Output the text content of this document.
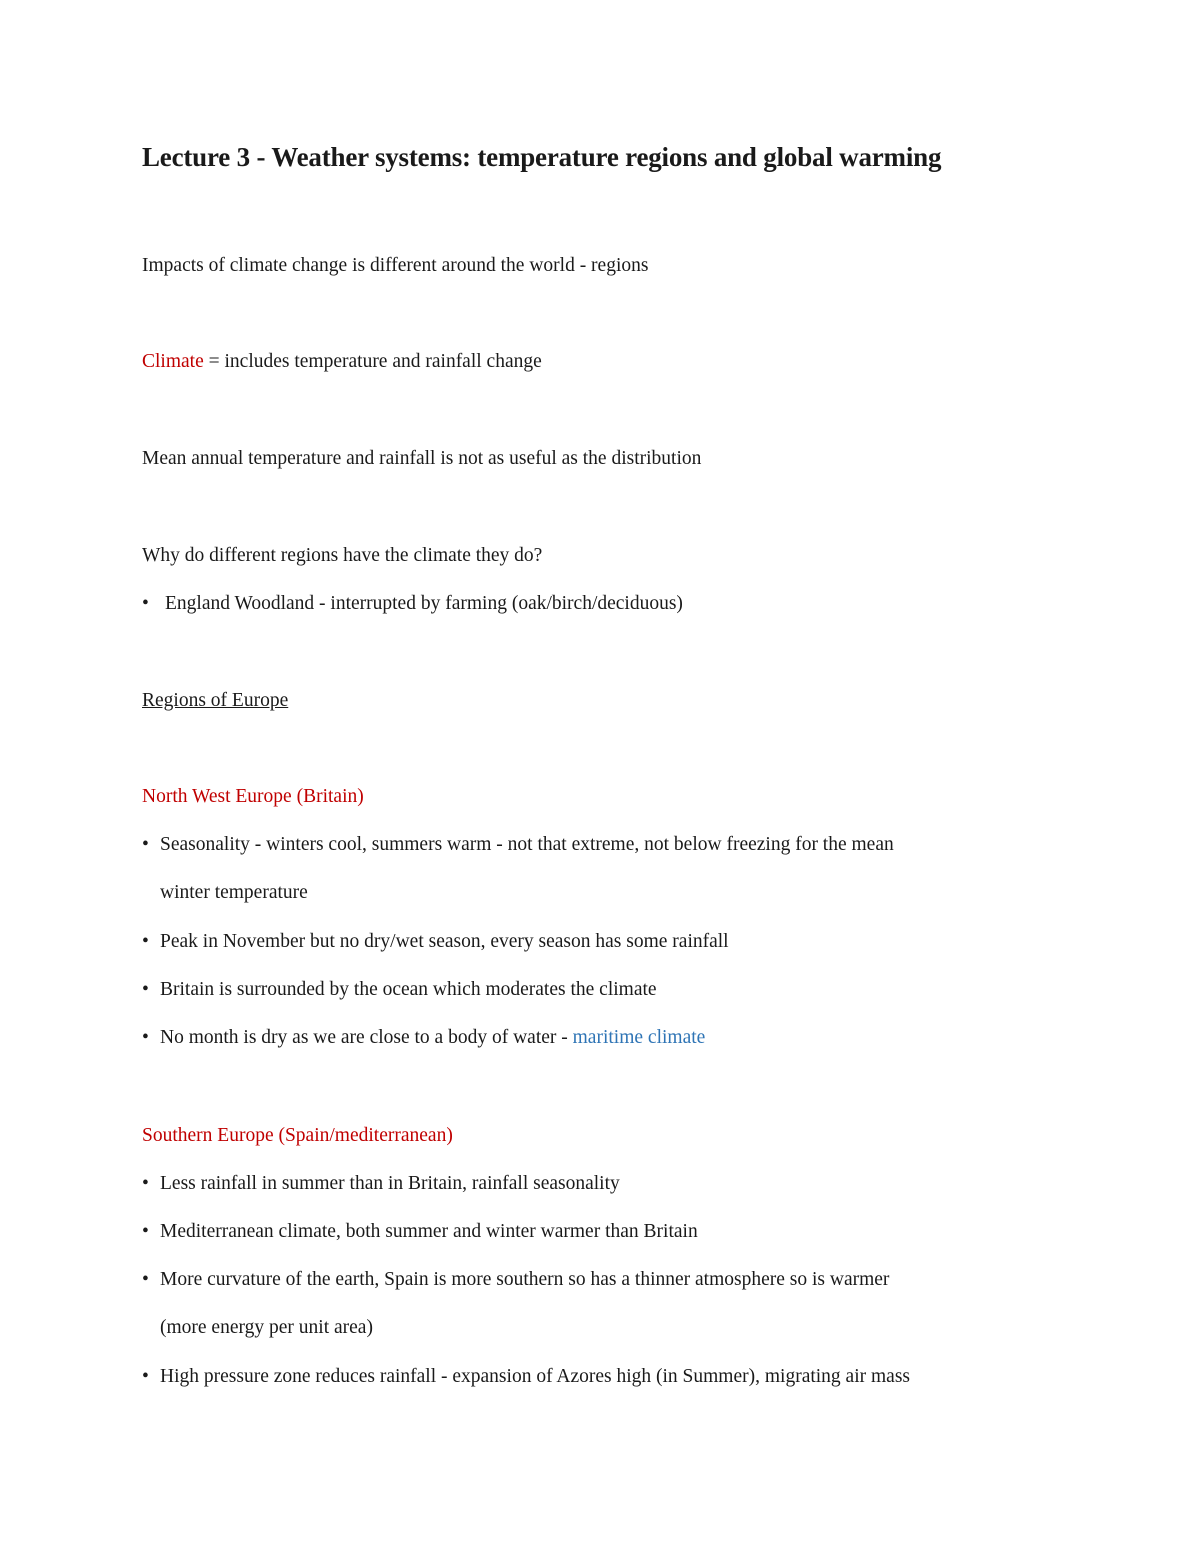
Lecture 3 - Weather systems: temperature regions and global warming
Impacts of climate change is different around the world - regions
Climate = includes temperature and rainfall change
Mean annual temperature and rainfall is not as useful as the distribution
Why do different regions have the climate they do?
• England Woodland - interrupted by farming (oak/birch/deciduous)
Regions of Europe
North West Europe (Britain)
• Seasonality - winters cool, summers warm - not that extreme, not below freezing for the mean
winter temperature
• Peak in November but no dry/wet season, every season has some rainfall
• Britain is surrounded by the ocean which moderates the climate
• No month is dry as we are close to a body of water - maritime climate
Southern Europe (Spain/mediterranean)
• Less rainfall in summer than in Britain, rainfall seasonality
• Mediterranean climate, both summer and winter warmer than Britain
• More curvature of the earth, Spain is more southern so has a thinner atmosphere so is warmer
(more energy per unit area)
• High pressure zone reduces rainfall - expansion of Azores high (in Summer), migrating air mass
